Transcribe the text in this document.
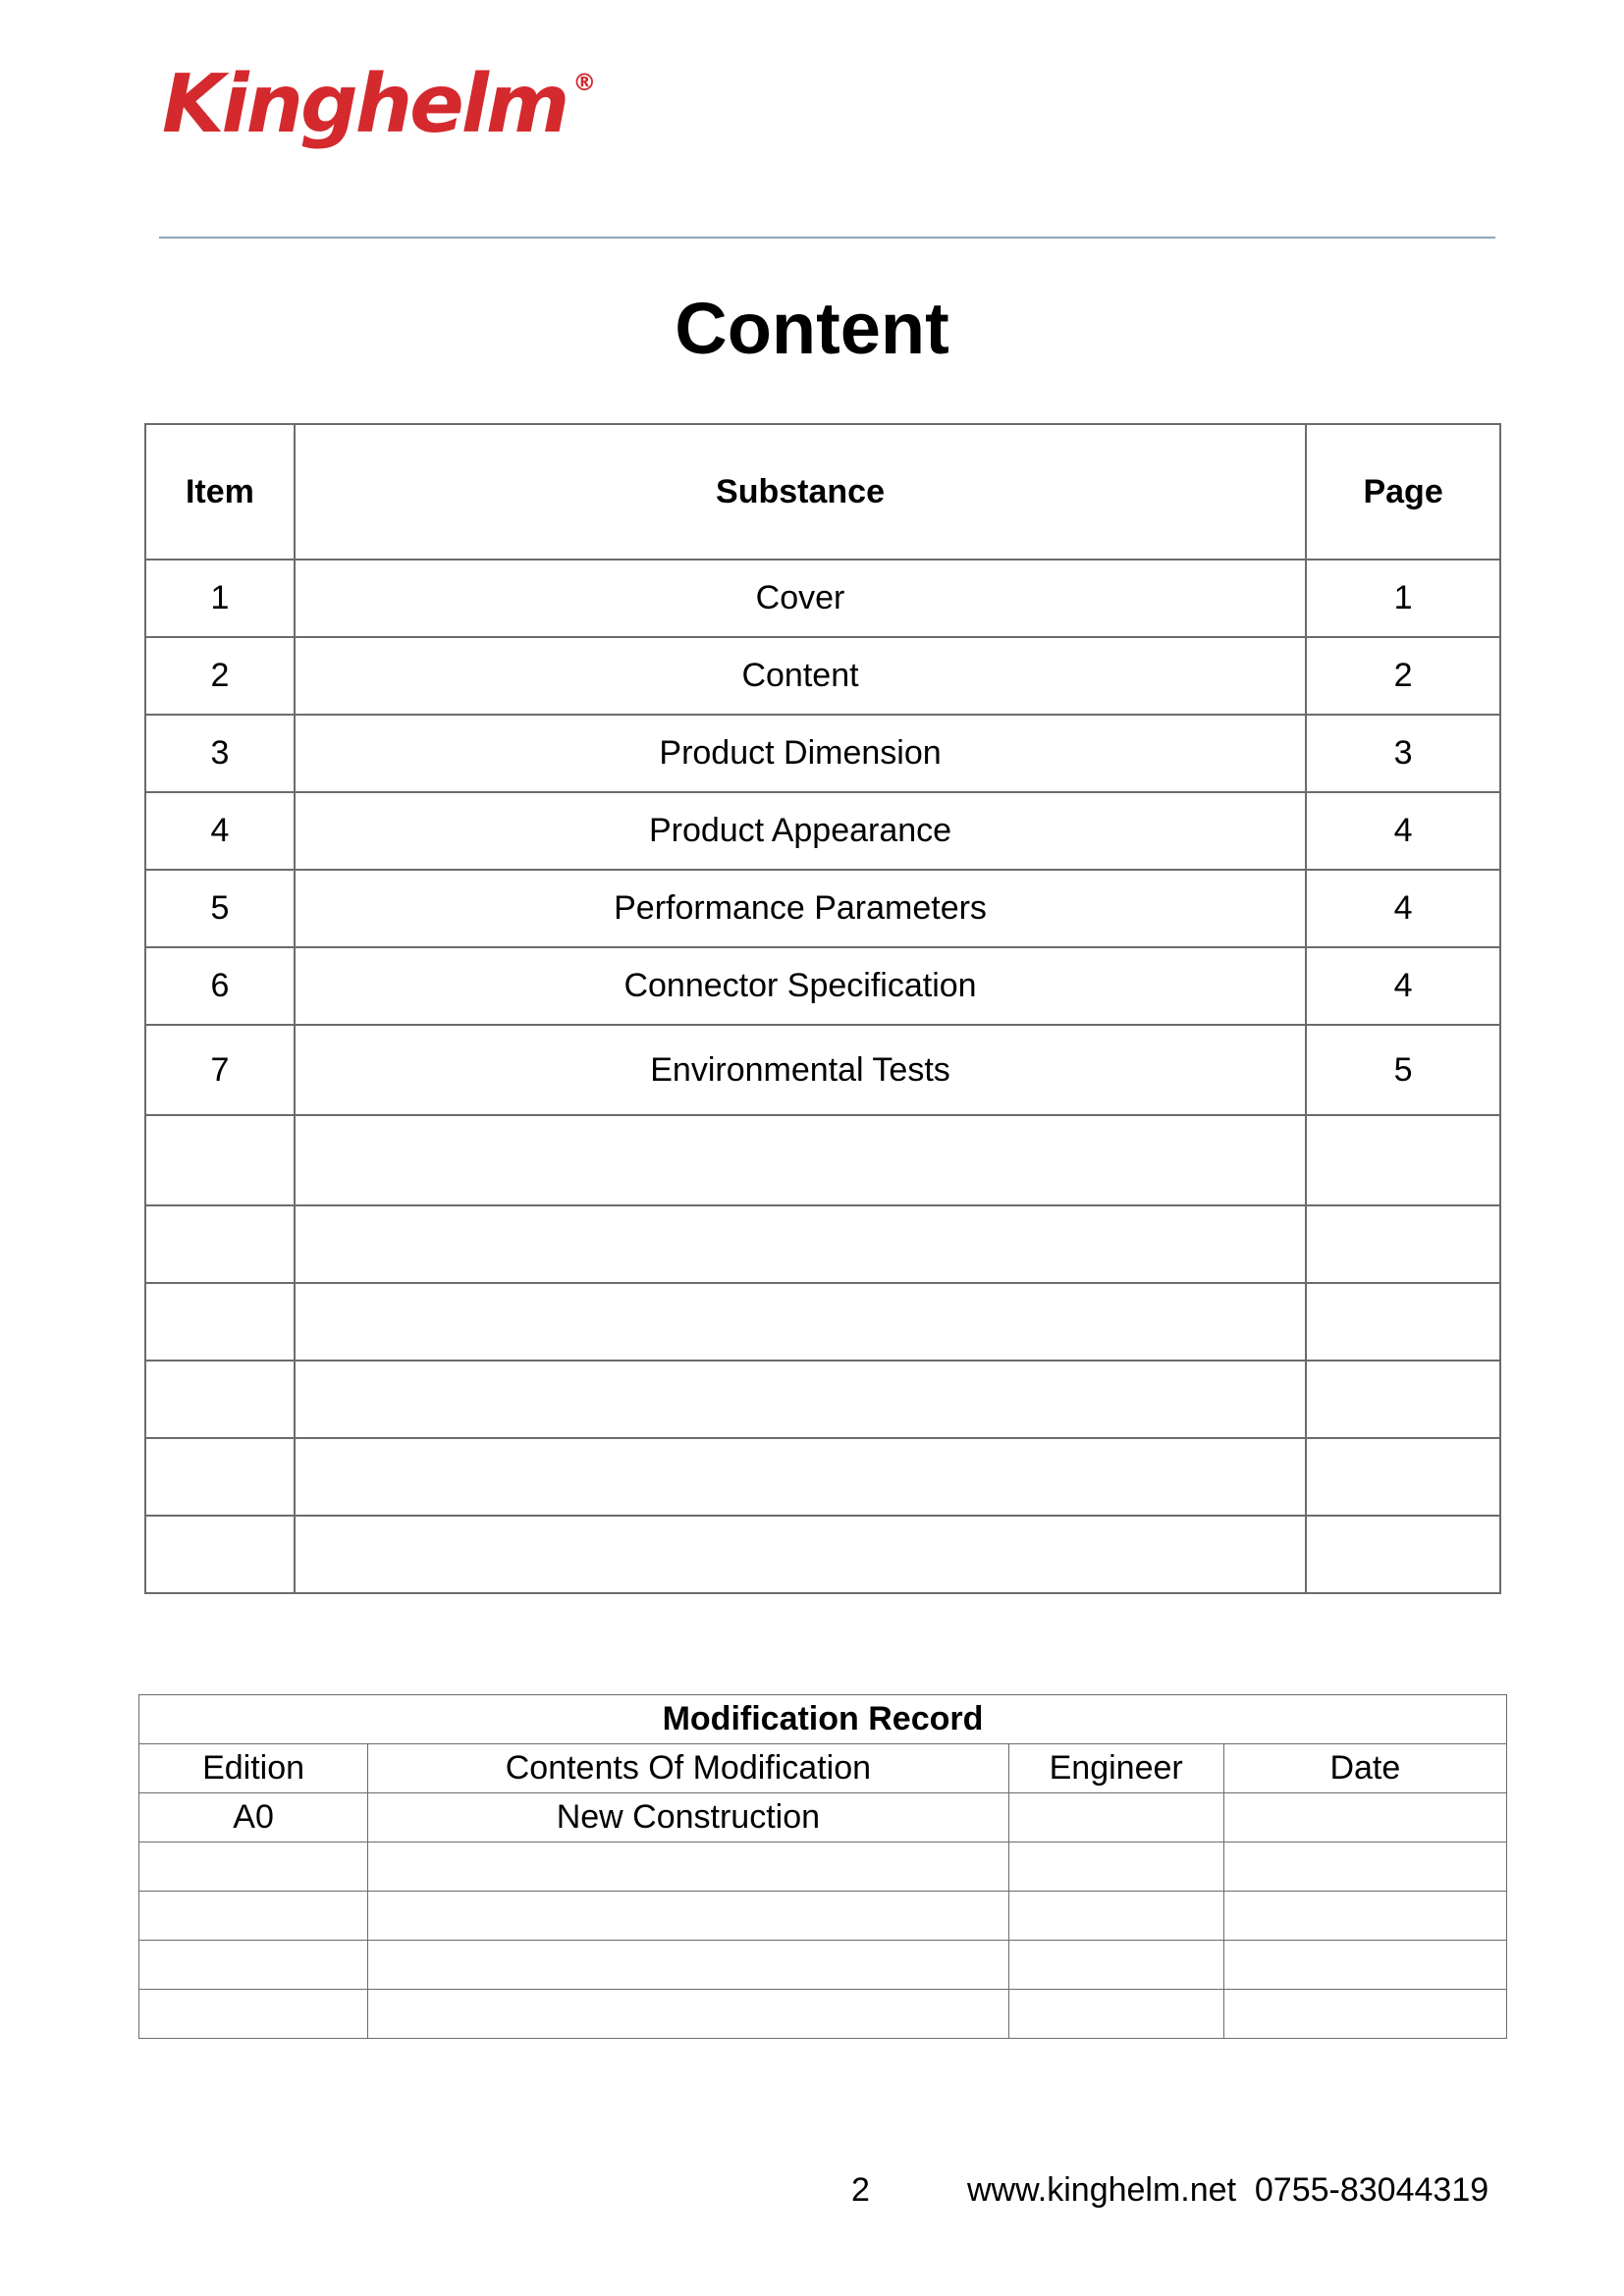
Kinghelm ®
Content
Item	Substance	Page
1	Cover	1
2	Content	2
3	Product Dimension	3
4	Product Appearance	4
5	Performance Parameters	4
6	Connector Specification	4
7	Environmental Tests	5

Modification Record			
Edition	Contents Of Modification	Engineer	Date
A0	New Construction		

2	www.kinghelm.net  0755-83044319
